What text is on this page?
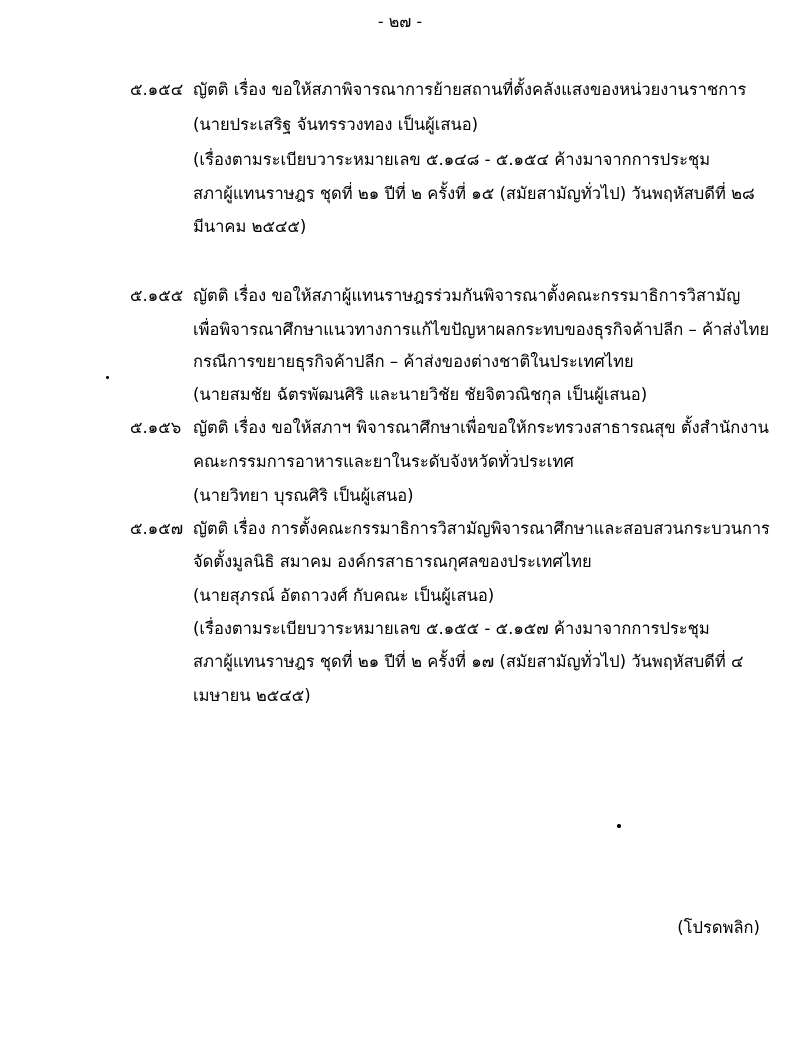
- ๒๗ -
๕.๑๕๔ ญัตติ เรื่อง ขอให้สภาพิจารณาการย้ายสถานที่ตั้งคลังแสงของหน่วยงานราชการ
(นายประเสริฐ จันทรรวงทอง เป็นผู้เสนอ)
(เรื่องตามระเบียบวาระหมายเลข ๕.๑๔๘ - ๕.๑๕๔ ค้างมาจากการประชุม
สภาผู้แทนราษฎร ชุดที่ ๒๑ ปีที่ ๒ ครั้งที่ ๑๕ (สมัยสามัญทั่วไป) วันพฤหัสบดีที่ ๒๘
มีนาคม ๒๕๔๕)
๕.๑๕๕ ญัตติ เรื่อง ขอให้สภาผู้แทนราษฎรร่วมกันพิจารณาตั้งคณะกรรมาธิการวิสามัญ
เพื่อพิจารณาศึกษาแนวทางการแก้ไขปัญหาผลกระทบของธุรกิจค้าปลีก – ค้าส่งไทย
กรณีการขยายธุรกิจค้าปลีก – ค้าส่งของต่างชาติในประเทศไทย
(นายสมชัย ฉัตรพัฒนศิริ และนายวิชัย ชัยจิตวณิชกุล เป็นผู้เสนอ)
๕.๑๕๖ ญัตติ เรื่อง ขอให้สภาฯ พิจารณาศึกษาเพื่อขอให้กระทรวงสาธารณสุข ตั้งสำนักงาน
คณะกรรมการอาหารและยาในระดับจังหวัดทั่วประเทศ
(นายวิทยา บุรณศิริ เป็นผู้เสนอ)
๕.๑๕๗ ญัตติ เรื่อง การตั้งคณะกรรมาธิการวิสามัญพิจารณาศึกษาและสอบสวนกระบวนการ
จัดตั้งมูลนิธิ สมาคม องค์กรสาธารณกุศลของประเทศไทย
(นายสุภรณ์ อัตถาวงศ์ กับคณะ เป็นผู้เสนอ)
(เรื่องตามระเบียบวาระหมายเลข ๕.๑๕๕ - ๕.๑๕๗ ค้างมาจากการประชุม
สภาผู้แทนราษฎร ชุดที่ ๒๑ ปีที่ ๒ ครั้งที่ ๑๗ (สมัยสามัญทั่วไป) วันพฤหัสบดีที่ ๔
เมษายน ๒๕๔๕)
(โปรดพลิก)
